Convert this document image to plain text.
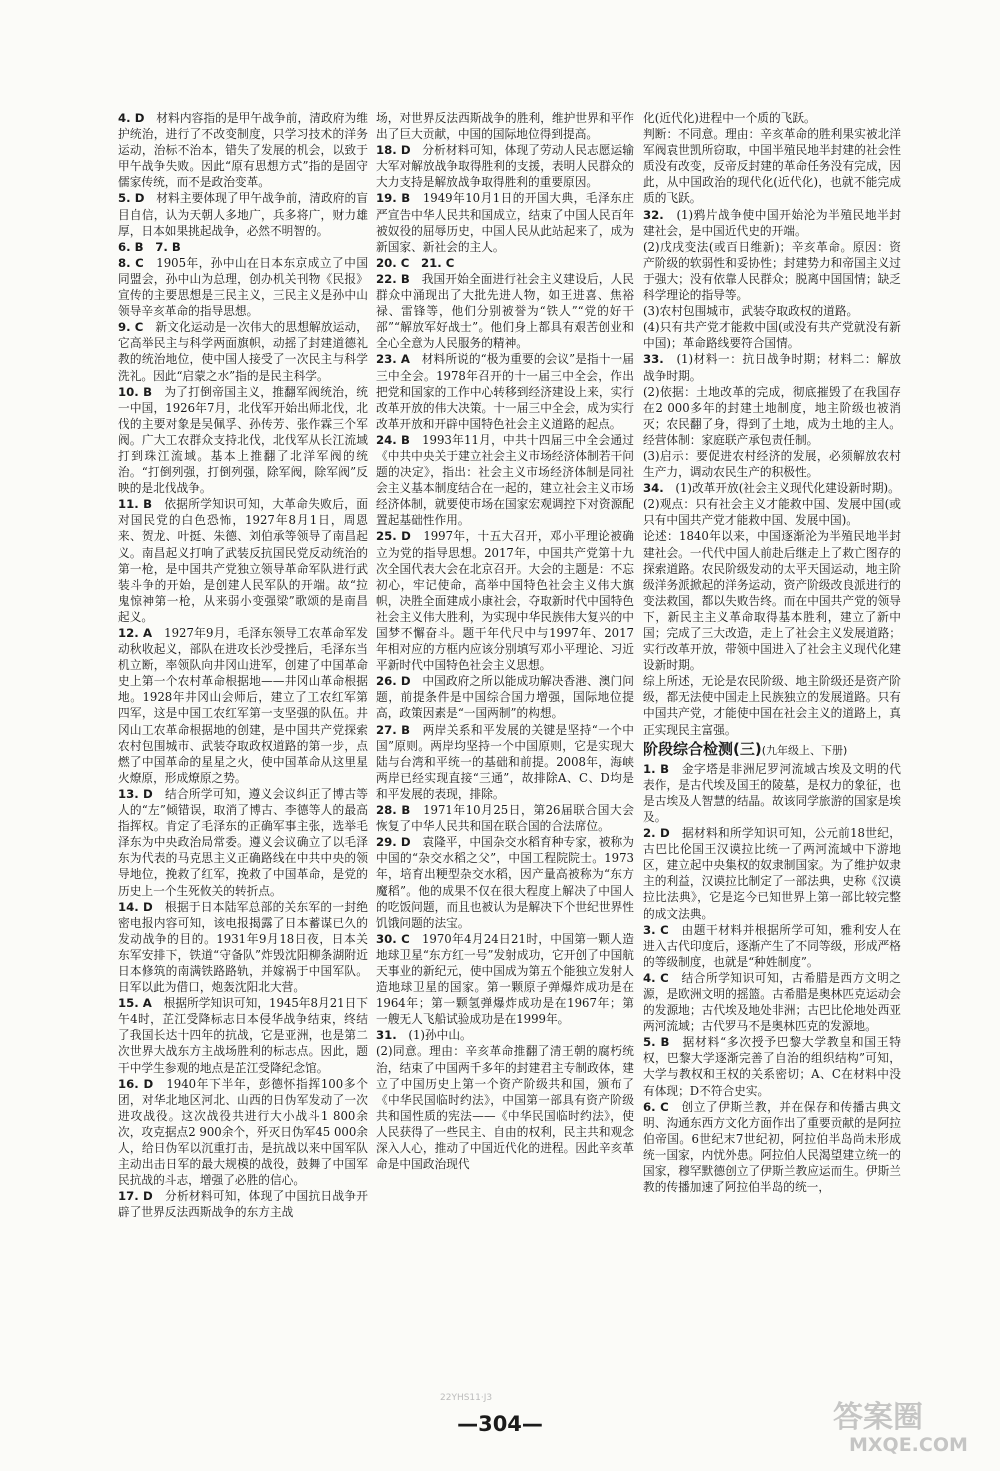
4. D　 材料内容指的是甲午战争前，清政府为维护统治，进行了不改变制度，只学习技术的洋务运动，治标不治本，错失了发展的机会，以致于甲午战争失败。因此“原有思想方式”指的是固守儒家传统，而不是政治变革。

5. D　 材料主要体现了甲午战争前，清政府的盲目自信，认为天朝人多地广，兵多将广，财力雄厚，日本如果挑起战争，必然不明智的。

6. B　7. B

8. C　 1905年，孙中山在日本东京成立了中国同盟会，孙中山为总理，创办机关刊物《民报》宣传的主要思想是三民主义，三民主义是孙中山领导辛亥革命的指导思想。

9. C　 新文化运动是一次伟大的思想解放运动，它高举民主与科学两面旗帜，动摇了封建道德礼教的统治地位，使中国人接受了一次民主与科学洗礼。因此“启蒙之水”指的是民主科学。

10. B　 为了打倒帝国主义，推翻军阀统治，统一中国，1926年7月，北伐军开始出师北伐，北伐的主要对象是吴佩孚、孙传芳、张作霖三个军阀。广大工农群众支持北伐，北伐军从长江流域打到珠江流域。基本上推翻了北洋军阀的统治。“打倒列强，打倒列强，除军阀，除军阀”反映的是北伐战争。

11. B　 依据所学知识可知，大革命失败后，面对国民党的白色恐怖，1927年8月1日，周恩来、贺龙、叶挺、朱德、刘伯承等领导了南昌起义。南昌起义打响了武装反抗国民党反动统治的第一枪，是中国共产党独立领导革命军队进行武装斗争的开始，是创建人民军队的开端。故“拉鬼惊神第一枪，从来弱小变强梁”歌颂的是南昌起义。

12. A　 1927年9月，毛泽东领导工农革命军发动秋收起义，部队在进攻长沙受挫后，毛泽东当机立断，率领队向井冈山进军，创建了中国革命史上第一个农村革命根据地——井冈山革命根据地。1928年井冈山会师后，建立了工农红军第四军，这是中国工农红军第一支坚强的队伍。井冈山工农革命根据地的创建，是中国共产党探索农村包围城市、武装夺取政权道路的第一步，点燃了中国革命的星星之火，使中国革命从这里星火燎原，形成燎原之势。

13. D　 结合所学可知，遵义会议纠正了博古等人的“左”倾错误，取消了博古、李德等人的最高指挥权。肯定了毛泽东的正确军事主张，选举毛泽东为中央政治局常委。遵义会议确立了以毛泽东为代表的马克思主义正确路线在中共中央的领导地位，挽救了红军，挽救了中国革命，是党的历史上一个生死攸关的转折点。

14. D　 根据于日本陆军总部的关东军的一封绝密电报内容可知，该电报揭露了日本蓄谋已久的发动战争的目的。1931年9月18日夜，日本关东军安排下，铁道“守备队”炸毁沈阳柳条湖附近日本修筑的南满铁路路轨，并嫁祸于中国军队。日军以此为借口，炮轰沈阳北大营。

15. A　 根据所学知识可知，1945年8月21日下午4时，芷江受降标志日本侵华战争结束，终结了我国长达十四年的抗战，它是亚洲，也是第二次世界大战东方主战场胜利的标志点。因此，题干中学生参观的地点是芷江受降纪念馆。

16. D　 1940年下半年，彭德怀指挥100多个团，对华北地区河北、山西的日伪军发动了一次进攻战役。这次战役共进行大小战斗1 800余次，攻克据点2 900余个，歼灭日伪军45 000余人，给日伪军以沉重打击，是抗战以来中国军队主动出击日军的最大规模的战役，鼓舞了中国军民抗战的斗志，增强了必胜的信心。

17. D　 分析材料可知，体现了中国抗日战争开辟了世界反法西斯战争的东方主战

场，对世界反法西斯战争的胜利，维护世界和平作出了巨大贡献，中国的国际地位得到提高。

18. D　 分析材料可知，体现了劳动人民志愿运输大军对解放战争取得胜利的支援，表明人民群众的大力支持是解放战争取得胜利的重要原因。

19. B　 1949年10月1日的开国大典，毛泽东庄严宣告中华人民共和国成立，结束了中国人民百年被奴役的屈辱历史，中国人民从此站起来了，成为新国家、新社会的主人。

20. C　21. C

22. B　 我国开始全面进行社会主义建设后，人民群众中涌现出了大批先进人物，如王进喜、焦裕禄、雷锋等，他们分别被誉为“铁人”“党的好干部”“解放军好战士”。他们身上都具有艰苦创业和全心全意为人民服务的精神。

23. A　 材料所说的“极为重要的会议”是指十一届三中全会。1978年召开的十一届三中全会，作出把党和国家的工作中心转移到经济建设上来，实行改革开放的伟大决策。十一届三中全会，成为实行改革开放和开辟中国特色社会主义道路的起点。

24. B　 1993年11月，中共十四届三中全会通过《中共中央关于建立社会主义市场经济体制若干问题的决定》，指出：社会主义市场经济体制是同社会主义基本制度结合在一起的，建立社会主义市场经济体制，就要使市场在国家宏观调控下对资源配置起基础性作用。

25. D　 1997年，十五大召开，邓小平理论被确立为党的指导思想。2017年，中国共产党第十九次全国代表大会在北京召开。大会的主题是：不忘初心，牢记使命，高举中国特色社会主义伟大旗帜，决胜全面建成小康社会，夺取新时代中国特色社会主义伟大胜利，为实现中华民族伟大复兴的中国梦不懈奋斗。题干年代尺中与1997年、2017年相对应的方框内应该分别填写邓小平理论、习近平新时代中国特色社会主义思想。

26. D　 中国政府之所以能成功解决香港、澳门问题，前提条件是中国综合国力增强，国际地位提高，政策因素是“一国两制”的构想。

27. B　 两岸关系和平发展的关键是坚持“一个中国”原则。两岸均坚持一个中国原则，它是实现大陆与台湾和平统一的基础和前提。2008年，海峡两岸已经实现直接“三通”，故排除A、C、D均是和平发展的表现，排除。

28. B　 1971年10月25日，第26届联合国大会恢复了中华人民共和国在联合国的合法席位。

29. D　 袁隆平，中国杂交水稻育种专家，被称为中国的“杂交水稻之父”，中国工程院院士。1973年，培育出粳型杂交水稻，因产量高被称为“东方魔稻”。他的成果不仅在很大程度上解决了中国人的吃饭问题，而且也被认为是解决下个世纪世界性饥饿问题的法宝。

30. C　 1970年4月24日21时，中国第一颗人造地球卫星“东方红一号”发射成功，它开创了中国航天事业的新纪元，使中国成为第五个能独立发射人造地球卫星的国家。第一颗原子弹爆炸成功是在1964年；第一颗氢弹爆炸成功是在1967年；第一艘无人飞船试验成功是在1999年。

31.　 (1)孙中山。

(2)同意。理由：辛亥革命推翻了清王朝的腐朽统治，结束了中国两千多年的封建君主专制政体，建立了中国历史上第一个资产阶级共和国，颁布了《中华民国临时约法》，中国第一部具有资产阶级共和国性质的宪法——《中华民国临时约法》，使人民获得了一些民主、自由的权利，民主共和观念深入人心，推动了中国近代化的进程。因此辛亥革命是中国政治现代

化(近代化)进程中一个质的飞跃。

判断：不同意。理由：辛亥革命的胜利果实被北洋军阀袁世凯所窃取，中国半殖民地半封建的社会性质没有改变，反帝反封建的革命任务没有完成，因此，从中国政治的现代化(近代化)，也就不能完成质的飞跃。

32.　 (1)鸦片战争使中国开始沦为半殖民地半封建社会，是中国近代史的开端。

(2)戊戌变法(或百日维新)；辛亥革命。原因：资产阶级的软弱性和妥协性；封建势力和帝国主义过于强大；没有依靠人民群众；脱离中国国情；缺乏科学理论的指导等。

(3)农村包围城市，武装夺取政权的道路。

(4)只有共产党才能救中国(或没有共产党就没有新中国)；革命路线要符合国情。

33.　 (1)材料一：抗日战争时期；材料二：解放战争时期。

(2)依据：土地改革的完成，彻底摧毁了在我国存在2 000多年的封建土地制度，地主阶级也被消灭；农民翻了身，得到了土地，成为土地的主人。经营体制：家庭联产承包责任制。

(3)启示：要促进农村经济的发展，必须解放农村生产力，调动农民生产的积极性。

34.　 (1)改革开放(社会主义现代化建设新时期)。

(2)观点：只有社会主义才能救中国、发展中国(或只有中国共产党才能救中国、发展中国)。

论述：1840年以来，中国逐渐沦为半殖民地半封建社会。一代代中国人前赴后继走上了救亡图存的探索道路。农民阶级发动的太平天国运动，地主阶级洋务派掀起的洋务运动，资产阶级改良派进行的变法救国，都以失败告终。而在中国共产党的领导下，新民主主义革命取得基本胜利，建立了新中国；完成了三大改造，走上了社会主义发展道路；实行改革开放，带领中国进入了社会主义现代化建设新时期。

综上所述，无论是农民阶级、地主阶级还是资产阶级，都无法使中国走上民族独立的发展道路。只有中国共产党，才能使中国在社会主义的道路上，真正实现民主富强。

阶段综合检测(三)(九年级上、下册)

1. B　 金字塔是非洲尼罗河流域古埃及文明的代表作，是古代埃及国王的陵墓，是权力的象征，也是古埃及人智慧的结晶。故该同学旅游的国家是埃及。

2. D　 据材料和所学知识可知，公元前18世纪，古巴比伦国王汉谟拉比统一了两河流域中下游地区，建立起中央集权的奴隶制国家。为了维护奴隶主的利益，汉谟拉比制定了一部法典，史称《汉谟拉比法典》，它是迄今已知世界上第一部比较完整的成文法典。

3. C　 由题干材料并根据所学可知，雅利安人在进入古代印度后，逐渐产生了不同等级，形成严格的等级制度，也就是“种姓制度”。

4. C　 结合所学知识可知，古希腊是西方文明之源，是欧洲文明的摇篮。古希腊是奥林匹克运动会的发源地；古代埃及地处非洲；古巴比伦地处西亚两河流域；古代罗马不是奥林匹克的发源地。

5. B　 据材料“多次授予巴黎大学教皇和国王特权，巴黎大学逐渐完善了自治的组织结构”可知，大学与教权和王权的关系密切；A、C在材料中没有体现；D不符合史实。

6. C　 创立了伊斯兰教，并在保存和传播古典文明、沟通东西方文化方面作出了重要贡献的是阿拉伯帝国。6世纪末7世纪初，阿拉伯半岛尚未形成统一国家，内忧外患。阿拉伯人民渴望建立统一的国家，穆罕默德创立了伊斯兰教应运而生。伊斯兰教的传播加速了阿拉伯半岛的统一，

22YHS11·J3
—304—	答案圈
MXQE.COM
